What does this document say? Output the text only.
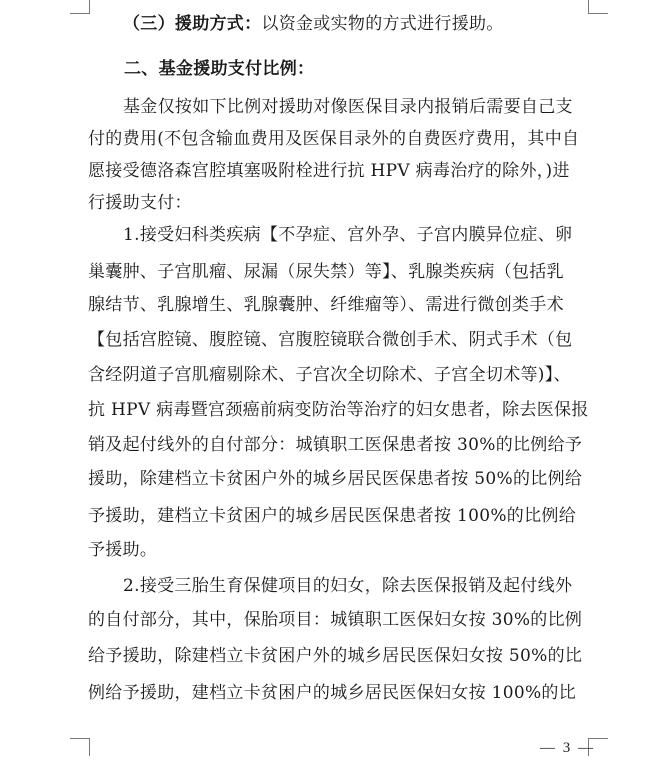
（三）援助方式：以资金或实物的方式进行援助。
二、基金援助支付比例：
基金仅按如下比例对援助对像医保目录内报销后需要自己支
付的费用(不包含输血费用及医保目录外的自费医疗费用，其中自
愿接受德洛森宫腔填塞吸附栓进行抗 HPV 病毒治疗的除外，)进
行援助支付：
1.接受妇科类疾病【不孕症、宫外孕、子宫内膜异位症、卵
巢囊肿、子宫肌瘤、尿漏（尿失禁）等】、乳腺类疾病（包括乳
腺结节、乳腺增生、乳腺囊肿、纤维瘤等）、需进行微创类手术
【包括宫腔镜、腹腔镜、宫腹腔镜联合微创手术、阴式手术（包
含经阴道子宫肌瘤剔除术、子宫次全切除术、子宫全切术等)】、
抗 HPV 病毒暨宫颈癌前病变防治等治疗的妇女患者，除去医保报
销及起付线外的自付部分：城镇职工医保患者按 30%的比例给予
援助，除建档立卡贫困户外的城乡居民医保患者按 50%的比例给
予援助，建档立卡贫困户的城乡居民医保患者按 100%的比例给
予援助。
2.接受三胎生育保健项目的妇女，除去医保报销及起付线外
的自付部分，其中，保胎项目：城镇职工医保妇女按 30%的比例
给予援助，除建档立卡贫困户外的城乡居民医保妇女按 50%的比
例给予援助，建档立卡贫困户的城乡居民医保妇女按 100%的比
— 3 —
